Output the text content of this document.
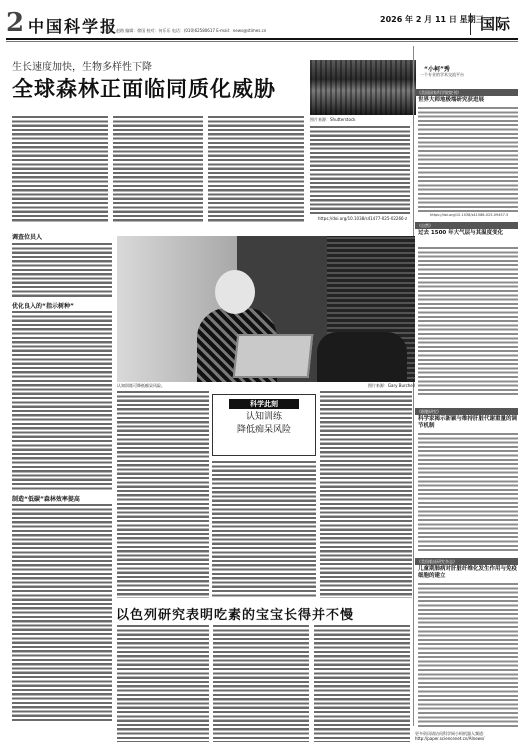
2 中国科学报	2026 年 2 月 11 日 星期三
主编：赵路 编辑：徐国 校对：何乐乐 电话：(010)62580617 E-mail：news@stimes.cn	国际
生长速度加快，生物多样性下降
全球森林正面临同质化威胁
图片来源：Shutterstock
https://doi.org/10.1038/s41477-025-02266-z
调查位员人
优化良入的“指示树种”
制造“低碳”森林效率提高
认知训练可降低痴呆风险。	图片来源：Gary Burchell
科学此刻
认知训练
降低痴呆风险
以色列研究表明吃素的宝宝长得并不慢
“小柯”秀
一个专业的学术交流平台
《美国国家科学院院刊》
世界大师地极端研究获进展
https://doi.org/10.1038/s41586-025-09457-5
《自然》
过去 1500 年大气层与其温度变化
《细胞研究》
科学家揭示新颖与维持肝脏代谢重量的调节机制
《美国临床研究杂志》
儿童期肺病对肝脏纤维化发生作用与免疫细胞的建立
更多资讯请访问科学网小柯机器人频道：http://paper.sciencenet.cn/AInews/
